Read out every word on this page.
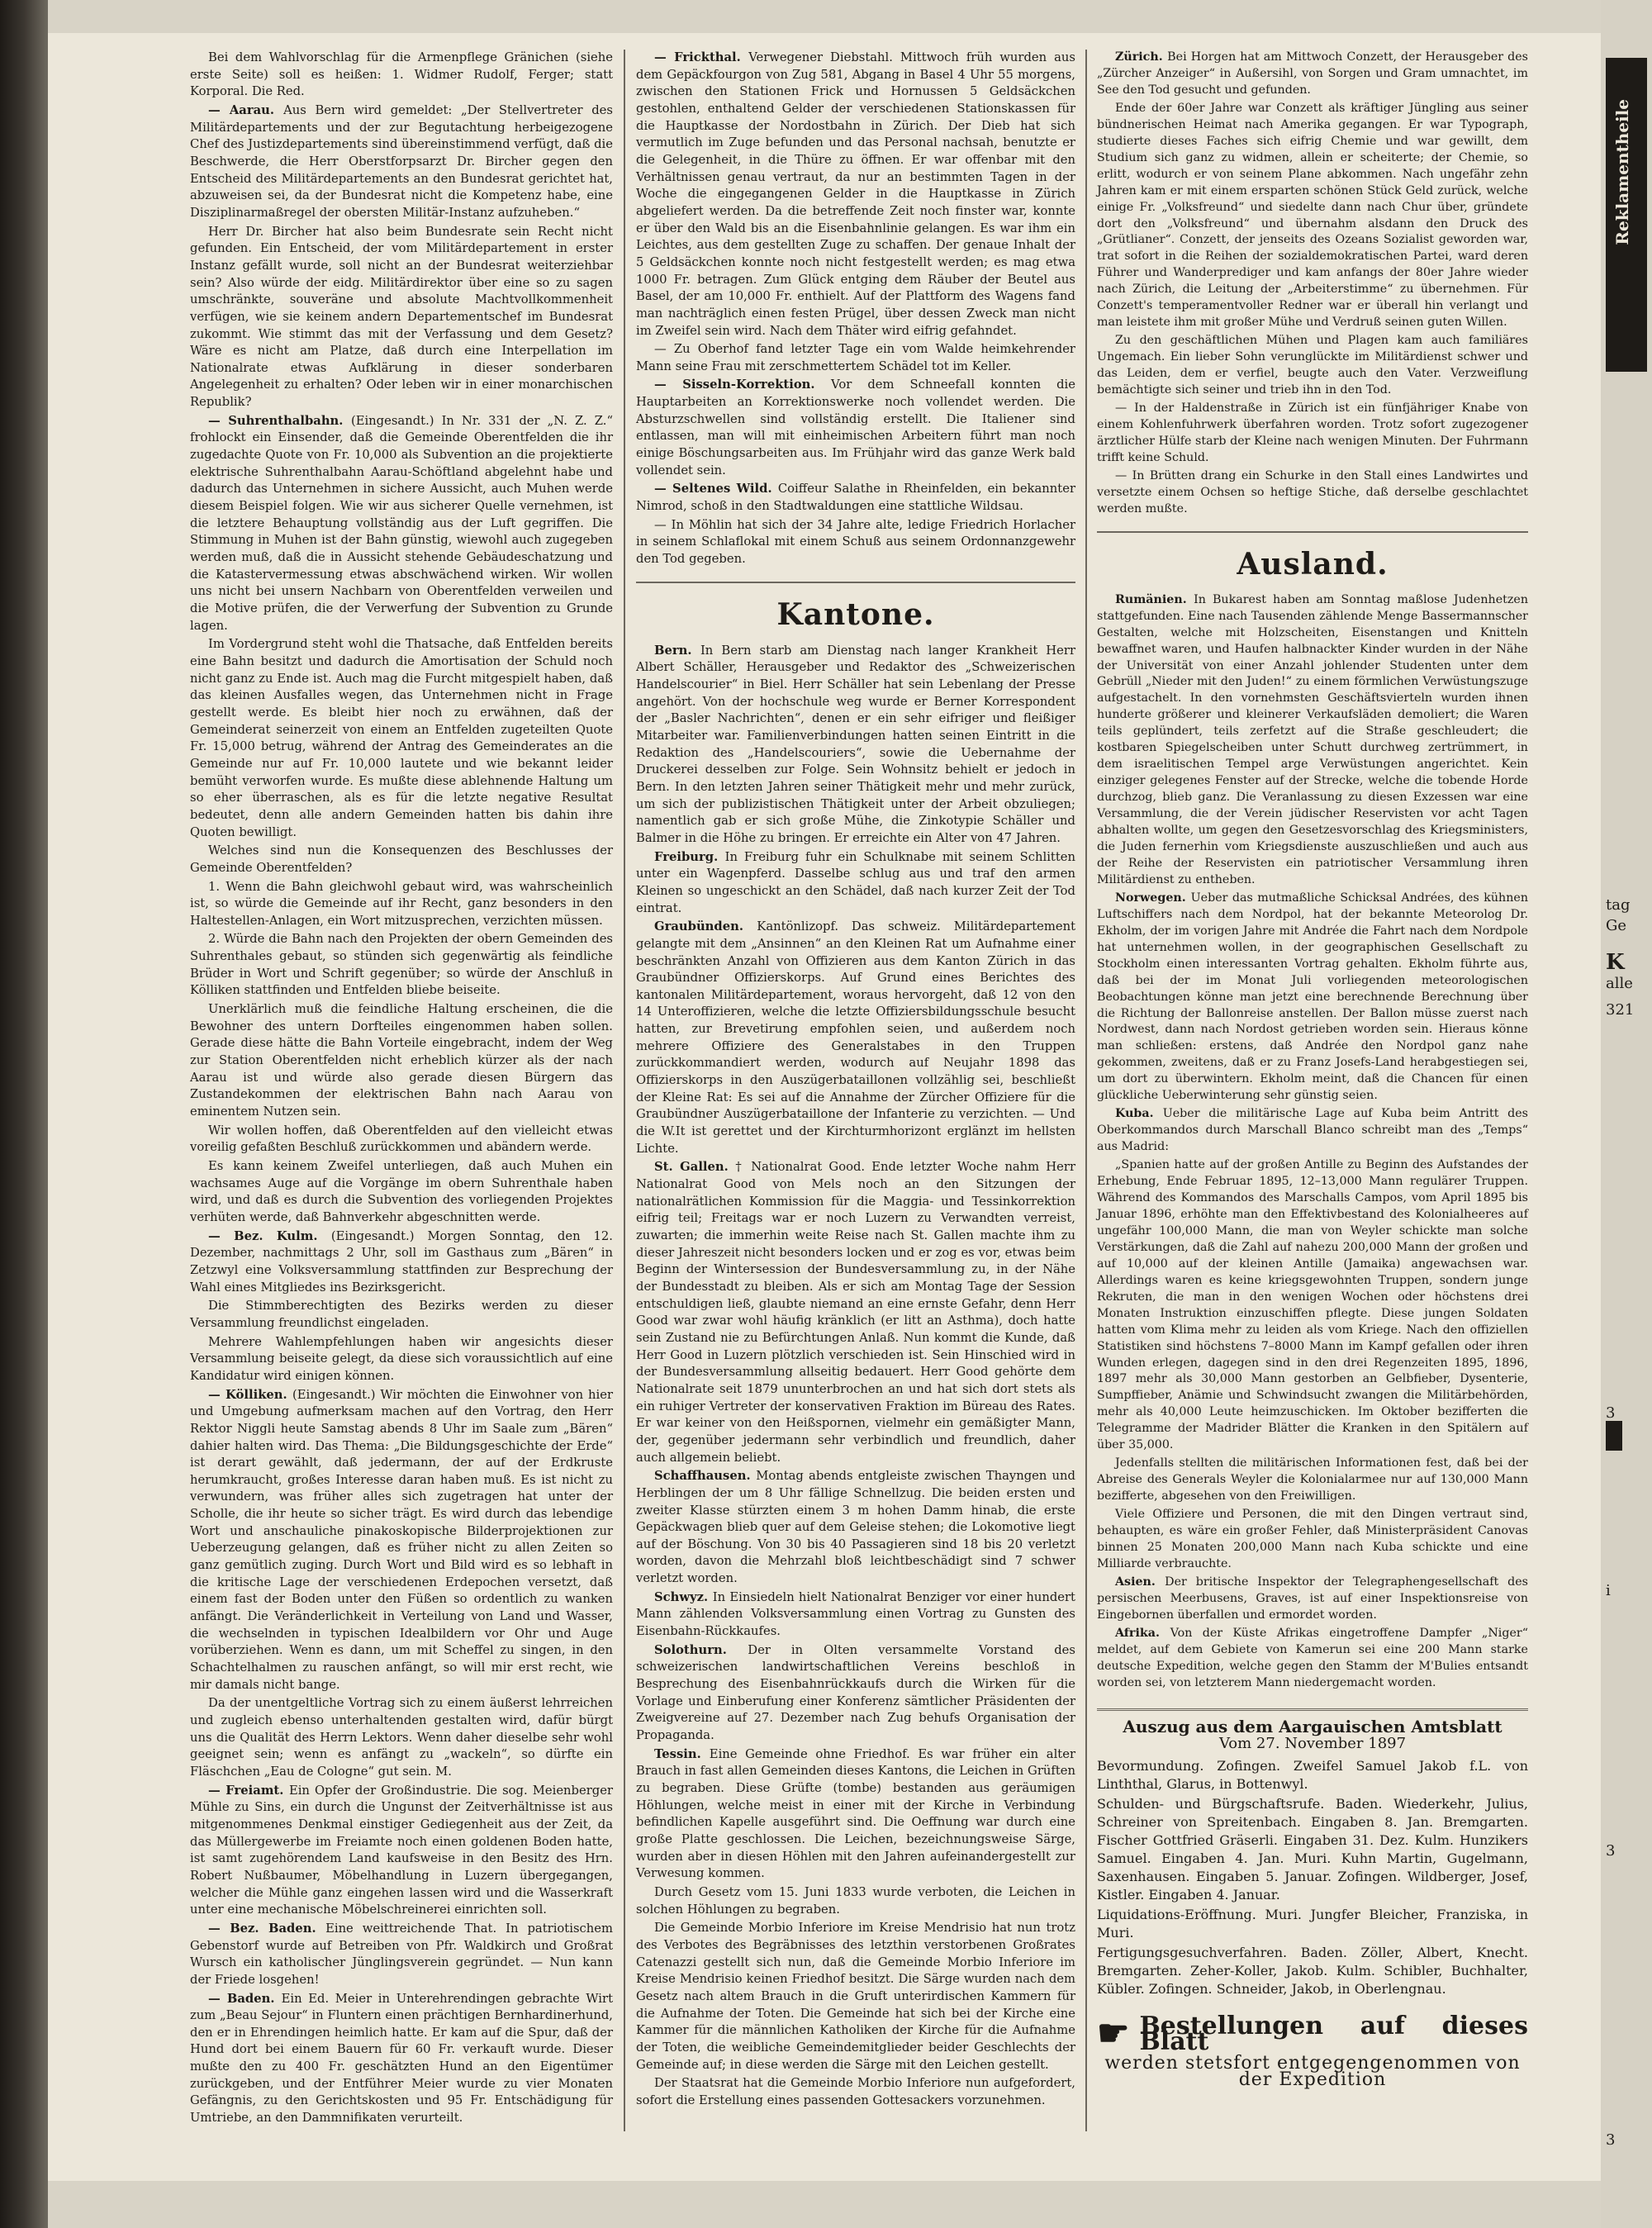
Reklamentheile
tag
Ge
K
alle
321
3
i
3
3

Bei dem Wahlvorschlag für die Armenpflege Gränichen (siehe erste Seite) soll es heißen: 1. Widmer Rudolf, Ferger; statt Korporal. Die Red.

— Aarau. Aus Bern wird gemeldet: „Der Stellvertreter des Militärdepartements und der zur Begutachtung herbeigezogene Chef des Justizdepartements sind übereinstimmend verfügt, daß die Beschwerde, die Herr Oberstforpsarzt Dr. Bircher gegen den Entscheid des Militärdepartements an den Bundesrat gerichtet hat, abzuweisen sei, da der Bundesrat nicht die Kompetenz habe, eine Disziplinarmaßregel der obersten Militär-Instanz aufzuheben.“

Herr Dr. Bircher hat also beim Bundesrate sein Recht nicht gefunden. Ein Entscheid, der vom Militärdepartement in erster Instanz gefällt wurde, soll nicht an der Bundesrat weiterziehbar sein? Also würde der eidg. Militärdirektor über eine so zu sagen umschränkte, souveräne und absolute Machtvollkommenheit verfügen, wie sie keinem andern Departementschef im Bundesrat zukommt. Wie stimmt das mit der Verfassung und dem Gesetz? Wäre es nicht am Platze, daß durch eine Interpellation im Nationalrate etwas Aufklärung in dieser sonderbaren Angelegenheit zu erhalten? Oder leben wir in einer monarchischen Republik?

— Suhrenthalbahn. (Eingesandt.) In Nr. 331 der „N. Z. Z.“ frohlockt ein Einsender, daß die Gemeinde Oberentfelden die ihr zugedachte Quote von Fr. 10,000 als Subvention an die projektierte elektrische Suhrenthalbahn Aarau-Schöftland abgelehnt habe und dadurch das Unternehmen in sichere Aussicht, auch Muhen werde diesem Beispiel folgen. Wie wir aus sicherer Quelle vernehmen, ist die letztere Behauptung vollständig aus der Luft gegriffen. Die Stimmung in Muhen ist der Bahn günstig, wiewohl auch zugegeben werden muß, daß die in Aussicht stehende Gebäudeschatzung und die Katastervermessung etwas abschwächend wirken. Wir wollen uns nicht bei unsern Nachbarn von Oberentfelden verweilen und die Motive prüfen, die der Verwerfung der Subvention zu Grunde lagen.

Im Vordergrund steht wohl die Thatsache, daß Entfelden bereits eine Bahn besitzt und dadurch die Amortisation der Schuld noch nicht ganz zu Ende ist. Auch mag die Furcht mitgespielt haben, daß das kleinen Ausfalles wegen, das Unternehmen nicht in Frage gestellt werde. Es bleibt hier noch zu erwähnen, daß der Gemeinderat seinerzeit von einem an Entfelden zugeteilten Quote Fr. 15,000 betrug, während der Antrag des Gemeinderates an die Gemeinde nur auf Fr. 10,000 lautete und wie bekannt leider bemüht verworfen wurde. Es mußte diese ablehnende Haltung um so eher überraschen, als es für die letzte negative Resultat bedeutet, denn alle andern Gemeinden hatten bis dahin ihre Quoten bewilligt.

Welches sind nun die Konsequenzen des Beschlusses der Gemeinde Oberentfelden?

1. Wenn die Bahn gleichwohl gebaut wird, was wahrscheinlich ist, so würde die Gemeinde auf ihr Recht, ganz besonders in den Haltestellen-Anlagen, ein Wort mitzusprechen, verzichten müssen.

2. Würde die Bahn nach den Projekten der obern Gemeinden des Suhrenthales gebaut, so stünden sich gegenwärtig als feindliche Brüder in Wort und Schrift gegenüber; so würde der Anschluß in Kölliken stattfinden und Entfelden bliebe beiseite.

Unerklärlich muß die feindliche Haltung erscheinen, die die Bewohner des untern Dorfteiles eingenommen haben sollen. Gerade diese hätte die Bahn Vorteile eingebracht, indem der Weg zur Station Oberentfelden nicht erheblich kürzer als der nach Aarau ist und würde also gerade diesen Bürgern das Zustandekommen der elektrischen Bahn nach Aarau von eminentem Nutzen sein.

Wir wollen hoffen, daß Oberentfelden auf den vielleicht etwas voreilig gefaßten Beschluß zurückkommen und abändern werde.

Es kann keinem Zweifel unterliegen, daß auch Muhen ein wachsames Auge auf die Vorgänge im obern Suhrenthale haben wird, und daß es durch die Subvention des vorliegenden Projektes verhüten werde, daß Bahnverkehr abgeschnitten werde.

— Bez. Kulm. (Eingesandt.) Morgen Sonntag, den 12. Dezember, nachmittags 2 Uhr, soll im Gasthaus zum „Bären“ in Zetzwyl eine Volksversammlung stattfinden zur Besprechung der Wahl eines Mitgliedes ins Bezirksgericht.

Die Stimmberechtigten des Bezirks werden zu dieser Versammlung freundlichst eingeladen.

Mehrere Wahlempfehlungen haben wir angesichts dieser Versammlung beiseite gelegt, da diese sich voraussichtlich auf eine Kandidatur wird einigen können.

— Kölliken. (Eingesandt.) Wir möchten die Einwohner von hier und Umgebung aufmerksam machen auf den Vortrag, den Herr Rektor Niggli heute Samstag abends 8 Uhr im Saale zum „Bären“ dahier halten wird. Das Thema: „Die Bildungsgeschichte der Erde“ ist derart gewählt, daß jedermann, der auf der Erdkruste herumkraucht, großes Interesse daran haben muß. Es ist nicht zu verwundern, was früher alles sich zugetragen hat unter der Scholle, die ihr heute so sicher trägt. Es wird durch das lebendige Wort und anschauliche pinakoskopische Bilderprojektionen zur Ueberzeugung gelangen, daß es früher nicht zu allen Zeiten so ganz gemütlich zuging. Durch Wort und Bild wird es so lebhaft in die kritische Lage der verschiedenen Erdepochen versetzt, daß einem fast der Boden unter den Füßen so ordentlich zu wanken anfängt. Die Veränderlichkeit in Verteilung von Land und Wasser, die wechselnden in typischen Idealbildern vor Ohr und Auge vorüberziehen. Wenn es dann, um mit Scheffel zu singen, in den Schachtelhalmen zu rauschen anfängt, so will mir erst recht, wie mir damals nicht bange.

Da der unentgeltliche Vortrag sich zu einem äußerst lehrreichen und zugleich ebenso unterhaltenden gestalten wird, dafür bürgt uns die Qualität des Herrn Lektors. Wenn daher dieselbe sehr wohl geeignet sein; wenn es anfängt zu „wackeln“, so dürfte ein Fläschchen „Eau de Cologne“ gut sein. M.

— Freiamt. Ein Opfer der Großindustrie. Die sog. Meienberger Mühle zu Sins, ein durch die Ungunst der Zeitverhältnisse ist aus mitgenommenes Denkmal einstiger Gediegenheit aus der Zeit, da das Müllergewerbe im Freiamte noch einen goldenen Boden hatte, ist samt zugehörendem Land kaufsweise in den Besitz des Hrn. Robert Nußbaumer, Möbelhandlung in Luzern übergegangen, welcher die Mühle ganz eingehen lassen wird und die Wasserkraft unter eine mechanische Möbelschreinerei einrichten soll.

— Bez. Baden. Eine weittreichende That. In patriotischem Gebenstorf wurde auf Betreiben von Pfr. Waldkirch und Großrat Wursch ein katholischer Jünglingsverein gegründet. — Nun kann der Friede losgehen!

— Baden. Ein Ed. Meier in Unterehrendingen gebrachte Wirt zum „Beau Sejour“ in Fluntern einen prächtigen Bernhardinerhund, den er in Ehrendingen heimlich hatte. Er kam auf die Spur, daß der Hund dort bei einem Bauern für 60 Fr. verkauft wurde. Dieser mußte den zu 400 Fr. geschätzten Hund an den Eigentümer zurückgeben, und der Entführer Meier wurde zu vier Monaten Gefängnis, zu den Gerichtskosten und 95 Fr. Entschädigung für Umtriebe, an den Dammnifikaten verurteilt.

— Frickthal. Verwegener Diebstahl. Mittwoch früh wurden aus dem Gepäckfourgon von Zug 581, Abgang in Basel 4 Uhr 55 morgens, zwischen den Stationen Frick und Hornussen 5 Geldsäckchen gestohlen, enthaltend Gelder der verschiedenen Stationskassen für die Hauptkasse der Nordostbahn in Zürich. Der Dieb hat sich vermutlich im Zuge befunden und das Personal nachsah, benutzte er die Gelegenheit, in die Thüre zu öffnen. Er war offenbar mit den Verhältnissen genau vertraut, da nur an bestimmten Tagen in der Woche die eingegangenen Gelder in die Hauptkasse in Zürich abgeliefert werden. Da die betreffende Zeit noch finster war, konnte er über den Wald bis an die Eisenbahnlinie gelangen. Es war ihm ein Leichtes, aus dem gestellten Zuge zu schaffen. Der genaue Inhalt der 5 Geldsäckchen konnte noch nicht festgestellt werden; es mag etwa 1000 Fr. betragen. Zum Glück entging dem Räuber der Beutel aus Basel, der am 10,000 Fr. enthielt. Auf der Plattform des Wagens fand man nachträglich einen festen Prügel, über dessen Zweck man nicht im Zweifel sein wird. Nach dem Thäter wird eifrig gefahndet.

— Zu Oberhof fand letzter Tage ein vom Walde heimkehrender Mann seine Frau mit zerschmettertem Schädel tot im Keller.

— Sisseln-Korrektion. Vor dem Schneefall konnten die Hauptarbeiten an Korrektionswerke noch vollendet werden. Die Absturzschwellen sind vollständig erstellt. Die Italiener sind entlassen, man will mit einheimischen Arbeitern führt man noch einige Böschungsarbeiten aus. Im Frühjahr wird das ganze Werk bald vollendet sein.

— Seltenes Wild. Coiffeur Salathe in Rheinfelden, ein bekannter Nimrod, schoß in den Stadtwaldungen eine stattliche Wildsau.

— In Möhlin hat sich der 34 Jahre alte, ledige Friedrich Horlacher in seinem Schlaflokal mit einem Schuß aus seinem Ordonnanzgewehr den Tod gegeben.

Kantone.

Bern. In Bern starb am Dienstag nach langer Krankheit Herr Albert Schäller, Herausgeber und Redaktor des „Schweizerischen Handelscourier“ in Biel. Herr Schäller hat sein Lebenlang der Presse angehört. Von der hochschule weg wurde er Berner Korrespondent der „Basler Nachrichten“, denen er ein sehr eifriger und fleißiger Mitarbeiter war. Familienverbindungen hatten seinen Eintritt in die Redaktion des „Handelscouriers“, sowie die Uebernahme der Druckerei desselben zur Folge. Sein Wohnsitz behielt er jedoch in Bern. In den letzten Jahren seiner Thätigkeit mehr und mehr zurück, um sich der publizistischen Thätigkeit unter der Arbeit obzuliegen; namentlich gab er sich große Mühe, die Zinkotypie Schäller und Balmer in die Höhe zu bringen. Er erreichte ein Alter von 47 Jahren.

Freiburg. In Freiburg fuhr ein Schulknabe mit seinem Schlitten unter ein Wagenpferd. Dasselbe schlug aus und traf den armen Kleinen so ungeschickt an den Schädel, daß nach kurzer Zeit der Tod eintrat.

Graubünden. Kantönlizopf. Das schweiz. Militärdepartement gelangte mit dem „Ansinnen“ an den Kleinen Rat um Aufnahme einer beschränkten Anzahl von Offizieren aus dem Kanton Zürich in das Graubündner Offizierskorps. Auf Grund eines Berichtes des kantonalen Militärdepartement, woraus hervorgeht, daß 12 von den 14 Unteroffizieren, welche die letzte Offiziersbildungsschule besucht hatten, zur Brevetirung empfohlen seien, und außerdem noch mehrere Offiziere des Generalstabes in den Truppen zurückkommandiert werden, wodurch auf Neujahr 1898 das Offizierskorps in den Auszügerbataillonen vollzählig sei, beschließt der Kleine Rat: Es sei auf die Annahme der Zürcher Offiziere für die Graubündner Auszügerbataillone der Infanterie zu verzichten. — Und die W.It ist gerettet und der Kirchturmhorizont erglänzt im hellsten Lichte.

St. Gallen. † Nationalrat Good. Ende letzter Woche nahm Herr Nationalrat Good von Mels noch an den Sitzungen der nationalrätlichen Kommission für die Maggia- und Tessinkorrektion eifrig teil; Freitags war er noch Luzern zu Verwandten verreist, zuwarten; die immerhin weite Reise nach St. Gallen machte ihm zu dieser Jahreszeit nicht besonders locken und er zog es vor, etwas beim Beginn der Wintersession der Bundesversammlung zu, in der Nähe der Bundesstadt zu bleiben. Als er sich am Montag Tage der Session entschuldigen ließ, glaubte niemand an eine ernste Gefahr, denn Herr Good war zwar wohl häufig kränklich (er litt an Asthma), doch hatte sein Zustand nie zu Befürchtungen Anlaß. Nun kommt die Kunde, daß Herr Good in Luzern plötzlich verschieden ist. Sein Hinschied wird in der Bundesversammlung allseitig bedauert. Herr Good gehörte dem Nationalrate seit 1879 ununterbrochen an und hat sich dort stets als ein ruhiger Vertreter der konservativen Fraktion im Büreau des Rates. Er war keiner von den Heißspornen, vielmehr ein gemäßigter Mann, der, gegenüber jedermann sehr verbindlich und freundlich, daher auch allgemein beliebt.

Schaffhausen. Montag abends entgleiste zwischen Thayngen und Herblingen der um 8 Uhr fällige Schnellzug. Die beiden ersten und zweiter Klasse stürzten einem 3 m hohen Damm hinab, die erste Gepäckwagen blieb quer auf dem Geleise stehen; die Lokomotive liegt auf der Böschung. Von 30 bis 40 Passagieren sind 18 bis 20 verletzt worden, davon die Mehrzahl bloß leichtbeschädigt sind 7 schwer verletzt worden.

Schwyz. In Einsiedeln hielt Nationalrat Benziger vor einer hundert Mann zählenden Volksversammlung einen Vortrag zu Gunsten des Eisenbahn-Rückkaufes.

Solothurn. Der in Olten versammelte Vorstand des schweizerischen landwirtschaftlichen Vereins beschloß in Besprechung des Eisenbahnrückkaufs durch die Wirken für die Vorlage und Einberufung einer Konferenz sämtlicher Präsidenten der Zweigvereine auf 27. Dezember nach Zug behufs Organisation der Propaganda.

Tessin. Eine Gemeinde ohne Friedhof. Es war früher ein alter Brauch in fast allen Gemeinden dieses Kantons, die Leichen in Grüften zu begraben. Diese Grüfte (tombe) bestanden aus geräumigen Höhlungen, welche meist in einer mit der Kirche in Verbindung befindlichen Kapelle ausgeführt sind. Die Oeffnung war durch eine große Platte geschlossen. Die Leichen, bezeichnungsweise Särge, wurden aber in diesen Höhlen mit den Jahren aufeinandergestellt zur Verwesung kommen.

Durch Gesetz vom 15. Juni 1833 wurde verboten, die Leichen in solchen Höhlungen zu begraben.

Die Gemeinde Morbio Inferiore im Kreise Mendrisio hat nun trotz des Verbotes des Begräbnisses des letzthin verstorbenen Großrates Catenazzi gestellt sich nun, daß die Gemeinde Morbio Inferiore im Kreise Mendrisio keinen Friedhof besitzt. Die Särge wurden nach dem Gesetz nach altem Brauch in die Gruft unterirdischen Kammern für die Aufnahme der Toten. Die Gemeinde hat sich bei der Kirche eine Kammer für die männlichen Katholiken der Kirche für die Aufnahme der Toten, die weibliche Gemeindemitglieder beider Geschlechts der Gemeinde auf; in diese werden die Särge mit den Leichen gestellt.

Der Staatsrat hat die Gemeinde Morbio Inferiore nun aufgefordert, sofort die Erstellung eines passenden Gottesackers vorzunehmen.

Zürich. Bei Horgen hat am Mittwoch Conzett, der Herausgeber des „Zürcher Anzeiger“ in Außersihl, von Sorgen und Gram umnachtet, im See den Tod gesucht und gefunden.

Ende der 60er Jahre war Conzett als kräftiger Jüngling aus seiner bündnerischen Heimat nach Amerika gegangen. Er war Typograph, studierte dieses Faches sich eifrig Chemie und war gewillt, dem Studium sich ganz zu widmen, allein er scheiterte; der Chemie, so erlitt, wodurch er von seinem Plane abkommen. Nach ungefähr zehn Jahren kam er mit einem ersparten schönen Stück Geld zurück, welche einige Fr. „Volksfreund“ und siedelte dann nach Chur über, gründete dort den „Volksfreund“ und übernahm alsdann den Druck des „Grütlianer“. Conzett, der jenseits des Ozeans Sozialist geworden war, trat sofort in die Reihen der sozialdemokratischen Partei, ward deren Führer und Wanderprediger und kam anfangs der 80er Jahre wieder nach Zürich, die Leitung der „Arbeiterstimme“ zu übernehmen. Für Conzett's temperamentvoller Redner war er überall hin verlangt und man leistete ihm mit großer Mühe und Verdruß seinen guten Willen.

Zu den geschäftlichen Mühen und Plagen kam auch familiäres Ungemach. Ein lieber Sohn verunglückte im Militärdienst schwer und das Leiden, dem er verfiel, beugte auch den Vater. Verzweiflung bemächtigte sich seiner und trieb ihn in den Tod.

— In der Haldenstraße in Zürich ist ein fünfjähriger Knabe von einem Kohlenfuhrwerk überfahren worden. Trotz sofort zugezogener ärztlicher Hülfe starb der Kleine nach wenigen Minuten. Der Fuhrmann trifft keine Schuld.

— In Brütten drang ein Schurke in den Stall eines Landwirtes und versetzte einem Ochsen so heftige Stiche, daß derselbe geschlachtet werden mußte.

Ausland.

Rumänien. In Bukarest haben am Sonntag maßlose Judenhetzen stattgefunden. Eine nach Tausenden zählende Menge Bassermannscher Gestalten, welche mit Holzscheiten, Eisenstangen und Knitteln bewaffnet waren, und Haufen halbnackter Kinder wurden in der Nähe der Universität von einer Anzahl johlender Studenten unter dem Gebrüll „Nieder mit den Juden!“ zu einem förmlichen Verwüstungszuge aufgestachelt. In den vornehmsten Geschäftsvierteln wurden ihnen hunderte größerer und kleinerer Verkaufsläden demoliert; die Waren teils geplündert, teils zerfetzt auf die Straße geschleudert; die kostbaren Spiegelscheiben unter Schutt durchweg zertrümmert, in dem israelitischen Tempel arge Verwüstungen angerichtet. Kein einziger gelegenes Fenster auf der Strecke, welche die tobende Horde durchzog, blieb ganz. Die Veranlassung zu diesen Exzessen war eine Versammlung, die der Verein jüdischer Reservisten vor acht Tagen abhalten wollte, um gegen den Gesetzesvorschlag des Kriegsministers, die Juden fernerhin vom Kriegsdienste auszuschließen und auch aus der Reihe der Reservisten ein patriotischer Versammlung ihren Militärdienst zu entheben.

Norwegen. Ueber das mutmaßliche Schicksal Andrées, des kühnen Luftschiffers nach dem Nordpol, hat der bekannte Meteorolog Dr. Ekholm, der im vorigen Jahre mit Andrée die Fahrt nach dem Nordpole hat unternehmen wollen, in der geographischen Gesellschaft zu Stockholm einen interessanten Vortrag gehalten. Ekholm führte aus, daß bei der im Monat Juli vorliegenden meteorologischen Beobachtungen könne man jetzt eine berechnende Berechnung über die Richtung der Ballonreise anstellen. Der Ballon müsse zuerst nach Nordwest, dann nach Nordost getrieben worden sein. Hieraus könne man schließen: erstens, daß Andrée den Nordpol ganz nahe gekommen, zweitens, daß er zu Franz Josefs-Land herabgestiegen sei, um dort zu überwintern. Ekholm meint, daß die Chancen für einen glückliche Ueberwinterung sehr günstig seien.

Kuba. Ueber die militärische Lage auf Kuba beim Antritt des Oberkommandos durch Marschall Blanco schreibt man des „Temps“ aus Madrid:

„Spanien hatte auf der großen Antille zu Beginn des Aufstandes der Erhebung, Ende Februar 1895, 12–13,000 Mann regulärer Truppen. Während des Kommandos des Marschalls Campos, vom April 1895 bis Januar 1896, erhöhte man den Effektivbestand des Kolonialheeres auf ungefähr 100,000 Mann, die man von Weyler schickte man solche Verstärkungen, daß die Zahl auf nahezu 200,000 Mann der großen und auf 10,000 auf der kleinen Antille (Jamaika) angewachsen war. Allerdings waren es keine kriegsgewohnten Truppen, sondern junge Rekruten, die man in den wenigen Wochen oder höchstens drei Monaten Instruktion einzuschiffen pflegte. Diese jungen Soldaten hatten vom Klima mehr zu leiden als vom Kriege. Nach den offiziellen Statistiken sind höchstens 7–8000 Mann im Kampf gefallen oder ihren Wunden erlegen, dagegen sind in den drei Regenzeiten 1895, 1896, 1897 mehr als 30,000 Mann gestorben an Gelbfieber, Dysenterie, Sumpffieber, Anämie und Schwindsucht zwangen die Militärbehörden, mehr als 40,000 Leute heimzuschicken. Im Oktober bezifferten die Telegramme der Madrider Blätter die Kranken in den Spitälern auf über 35,000.

Jedenfalls stellten die militärischen Informationen fest, daß bei der Abreise des Generals Weyler die Kolonialarmee nur auf 130,000 Mann bezifferte, abgesehen von den Freiwilligen.

Viele Offiziere und Personen, die mit den Dingen vertraut sind, behaupten, es wäre ein großer Fehler, daß Ministerpräsident Canovas binnen 25 Monaten 200,000 Mann nach Kuba schickte und eine Milliarde verbrauchte.

Asien. Der britische Inspektor der Telegraphengesellschaft des persischen Meerbusens, Graves, ist auf einer Inspektionsreise von Eingebornen überfallen und ermordet worden.

Afrika. Von der Küste Afrikas eingetroffene Dampfer „Niger“ meldet, auf dem Gebiete von Kamerun sei eine 200 Mann starke deutsche Expedition, welche gegen den Stamm der M'Bulies entsandt worden sei, von letzterem Mann niedergemacht worden.

Auszug aus dem Aargauischen Amtsblatt
Vom 27. November 1897

Bevormundung. Zofingen. Zweifel Samuel Jakob f.L. von Linththal, Glarus, in Bottenwyl.

Schulden- und Bürgschaftsrufe. Baden. Wiederkehr, Julius, Schreiner von Spreitenbach. Eingaben 8. Jan. Bremgarten. Fischer Gottfried Gräserli. Eingaben 31. Dez. Kulm. Hunzikers Samuel. Eingaben 4. Jan. Muri. Kuhn Martin, Gugelmann, Saxenhausen. Eingaben 5. Januar. Zofingen. Wildberger, Josef, Kistler. Eingaben 4. Januar.

Liquidations-Eröffnung. Muri. Jungfer Bleicher, Franziska, in Muri.

Fertigungsgesuchverfahren. Baden. Zöller, Albert, Knecht. Bremgarten. Zeher-Koller, Jakob. Kulm. Schibler, Buchhalter, Kübler. Zofingen. Schneider, Jakob, in Oberlengnau.

☛ Bestellungen auf dieses Blatt
werden stetsfort entgegengenommen von der Expedition
